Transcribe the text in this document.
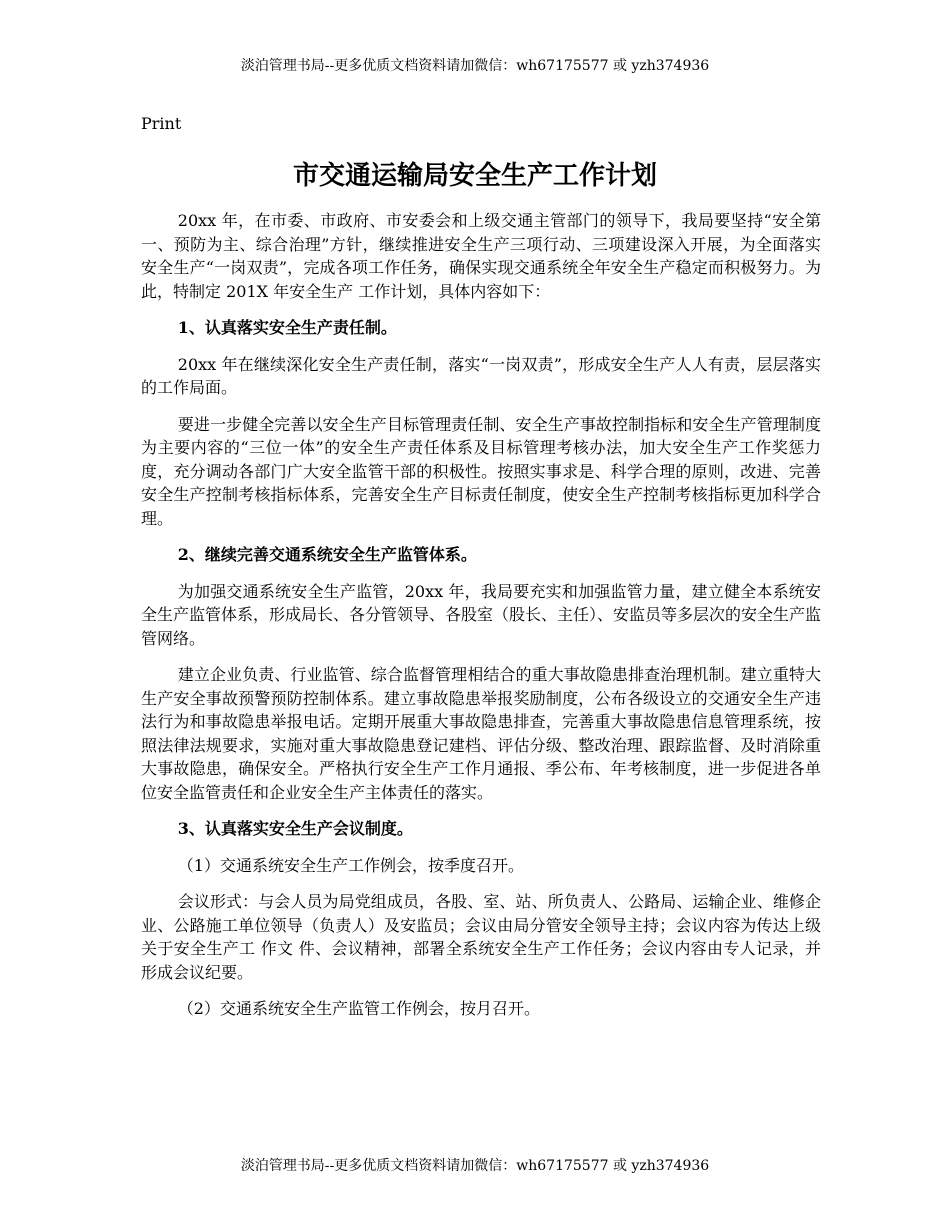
淡泊管理书局--更多优质文档资料请加微信：wh67175577 或 yzh374936
Print
市交通运输局安全生产工作计划

20xx 年，在市委、市政府、市安委会和上级交通主管部门的领导下，我局要坚持“安全第一、预防为主、综合治理”方针，继续推进安全生产三项行动、三项建设深入开展，为全面落实安全生产“一岗双责”，完成各项工作任务，确保实现交通系统全年安全生产稳定而积极努力。为此，特制定 201X 年安全生产 工作计划，具体内容如下：

1、认真落实安全生产责任制。

20xx 年在继续深化安全生产责任制，落实“一岗双责”，形成安全生产人人有责，层层落实的工作局面。

要进一步健全完善以安全生产目标管理责任制、安全生产事故控制指标和安全生产管理制度为主要内容的“三位一体”的安全生产责任体系及目标管理考核办法，加大安全生产工作奖惩力度，充分调动各部门广大安全监管干部的积极性。按照实事求是、科学合理的原则，改进、完善安全生产控制考核指标体系，完善安全生产目标责任制度，使安全生产控制考核指标更加科学合理。

2、继续完善交通系统安全生产监管体系。

为加强交通系统安全生产监管，20xx 年，我局要充实和加强监管力量，建立健全本系统安全生产监管体系，形成局长、各分管领导、各股室（股长、主任）、安监员等多层次的安全生产监管网络。

建立企业负责、行业监管、综合监督管理相结合的重大事故隐患排查治理机制。建立重特大生产安全事故预警预防控制体系。建立事故隐患举报奖励制度，公布各级设立的交通安全生产违法行为和事故隐患举报电话。定期开展重大事故隐患排查，完善重大事故隐患信息管理系统，按照法律法规要求，实施对重大事故隐患登记建档、评估分级、整改治理、跟踪监督、及时消除重大事故隐患，确保安全。严格执行安全生产工作月通报、季公布、年考核制度，进一步促进各单位安全监管责任和企业安全生产主体责任的落实。

3、认真落实安全生产会议制度。

（1）交通系统安全生产工作例会，按季度召开。

会议形式：与会人员为局党组成员，各股、室、站、所负责人、公路局、运输企业、维修企业、公路施工单位领导（负责人）及安监员；会议由局分管安全领导主持；会议内容为传达上级关于安全生产工 作文 件、会议精神，部署全系统安全生产工作任务；会议内容由专人记录，并形成会议纪要。

（2）交通系统安全生产监管工作例会，按月召开。

淡泊管理书局--更多优质文档资料请加微信：wh67175577 或 yzh374936
